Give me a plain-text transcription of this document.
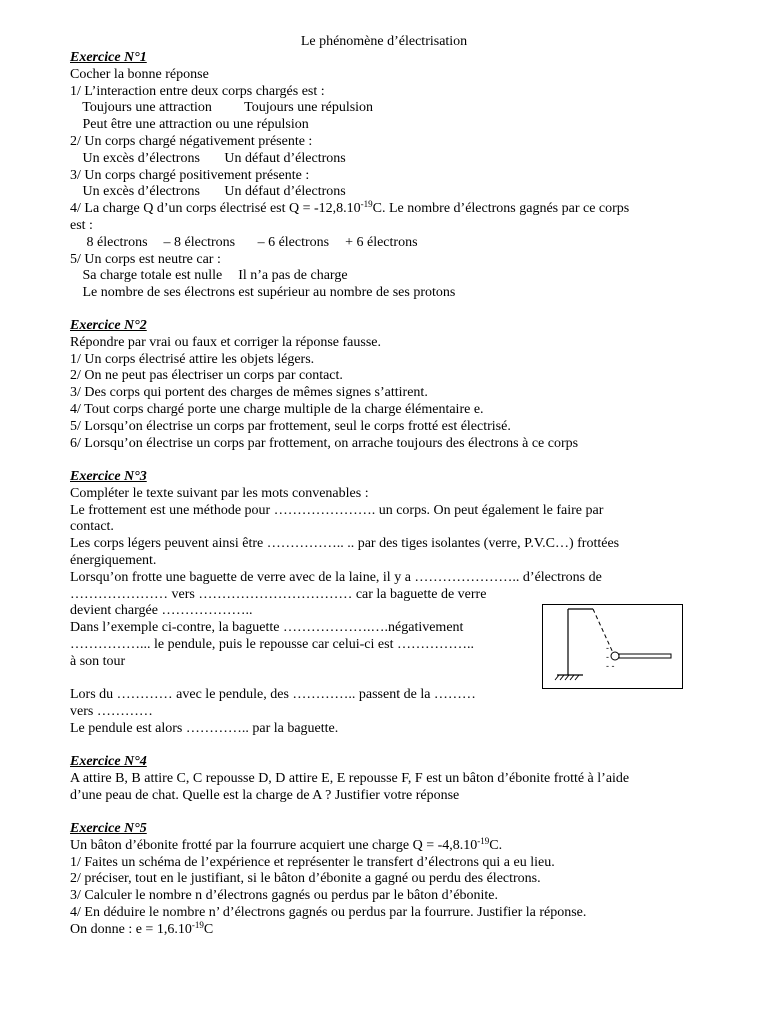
Le phénomène d’électrisation
Exercice N°1
Cocher la bonne réponse
1/ L’interaction entre deux corps chargés est :
Toujours une attraction Toujours une répulsion
Peut être une attraction ou une répulsion
2/ Un corps chargé négativement présente :
Un excès d’électrons Un défaut d’électrons
3/ Un corps chargé positivement présente :
Un excès d’électrons Un défaut d’électrons
4/ La charge Q d’un corps électrisé est $Q = -12,8.10^{-19}C$. Le nombre d’électrons gagnés par ce corps
est :
8 électrons – 8 électrons – 6 électrons + 6 électrons
5/ Un corps est neutre car :
Sa charge totale est nulle Il n’a pas de charge
Le nombre de ses électrons est supérieur au nombre de ses protons
Exercice N°2
Répondre par vrai ou faux et corriger la réponse fausse.
1/ Un corps électrisé attire les objets légers.
2/ On ne peut pas électriser un corps par contact.
3/ Des corps qui portent des charges de mêmes signes s’attirent.
4/ Tout corps chargé porte une charge multiple de la charge élémentaire e.
5/ Lorsqu’on électrise un corps par frottement, seul le corps frotté est électrisé.
6/ Lorsqu’on électrise un corps par frottement, on arrache toujours des électrons à ce corps
Exercice N°3
Compléter le texte suivant par les mots convenables :
Le frottement est une méthode pour …………………. un corps. On peut également le faire par
contact.
Les corps légers peuvent ainsi être …………….. .. par des tiges isolantes (verre, P.V.C…) frottées
énergiquement.
Lorsqu’on frotte une baguette de verre avec de la laine, il y a ………………….. d’électrons de
………………… vers …………………………… car la baguette de verre
devient chargée ………………..
Dans l’exemple ci-contre, la baguette ……………….….négativement
……………... le pendule, puis le repousse car celui-ci est ……………..
à son tour
Lors du ………… avec le pendule, des ………….. passent de la ………
vers …………
Le pendule est alors ………….. par la baguette.
-
-
- -
Exercice N°4
A attire B, B attire C, C repousse D, D attire E, E repousse F, F est un bâton d’ébonite frotté à l’aide
d’une peau de chat. Quelle est la charge de A ? Justifier votre réponse
Exercice N°5
Un bâton d’ébonite frotté par la fourrure acquiert une charge $Q = -4,8.10^{-19}C$.
1/ Faites un schéma de l’expérience et représenter le transfert d’électrons qui a eu lieu.
2/ préciser, tout en le justifiant, si le bâton d’ébonite a gagné ou perdu des électrons.
3/ Calculer le nombre n d’électrons gagnés ou perdus par le bâton d’ébonite.
4/ En déduire le nombre n’ d’électrons gagnés ou perdus par la fourrure. Justifier la réponse.
On donne : $e = 1,6.10^{-19}C$
